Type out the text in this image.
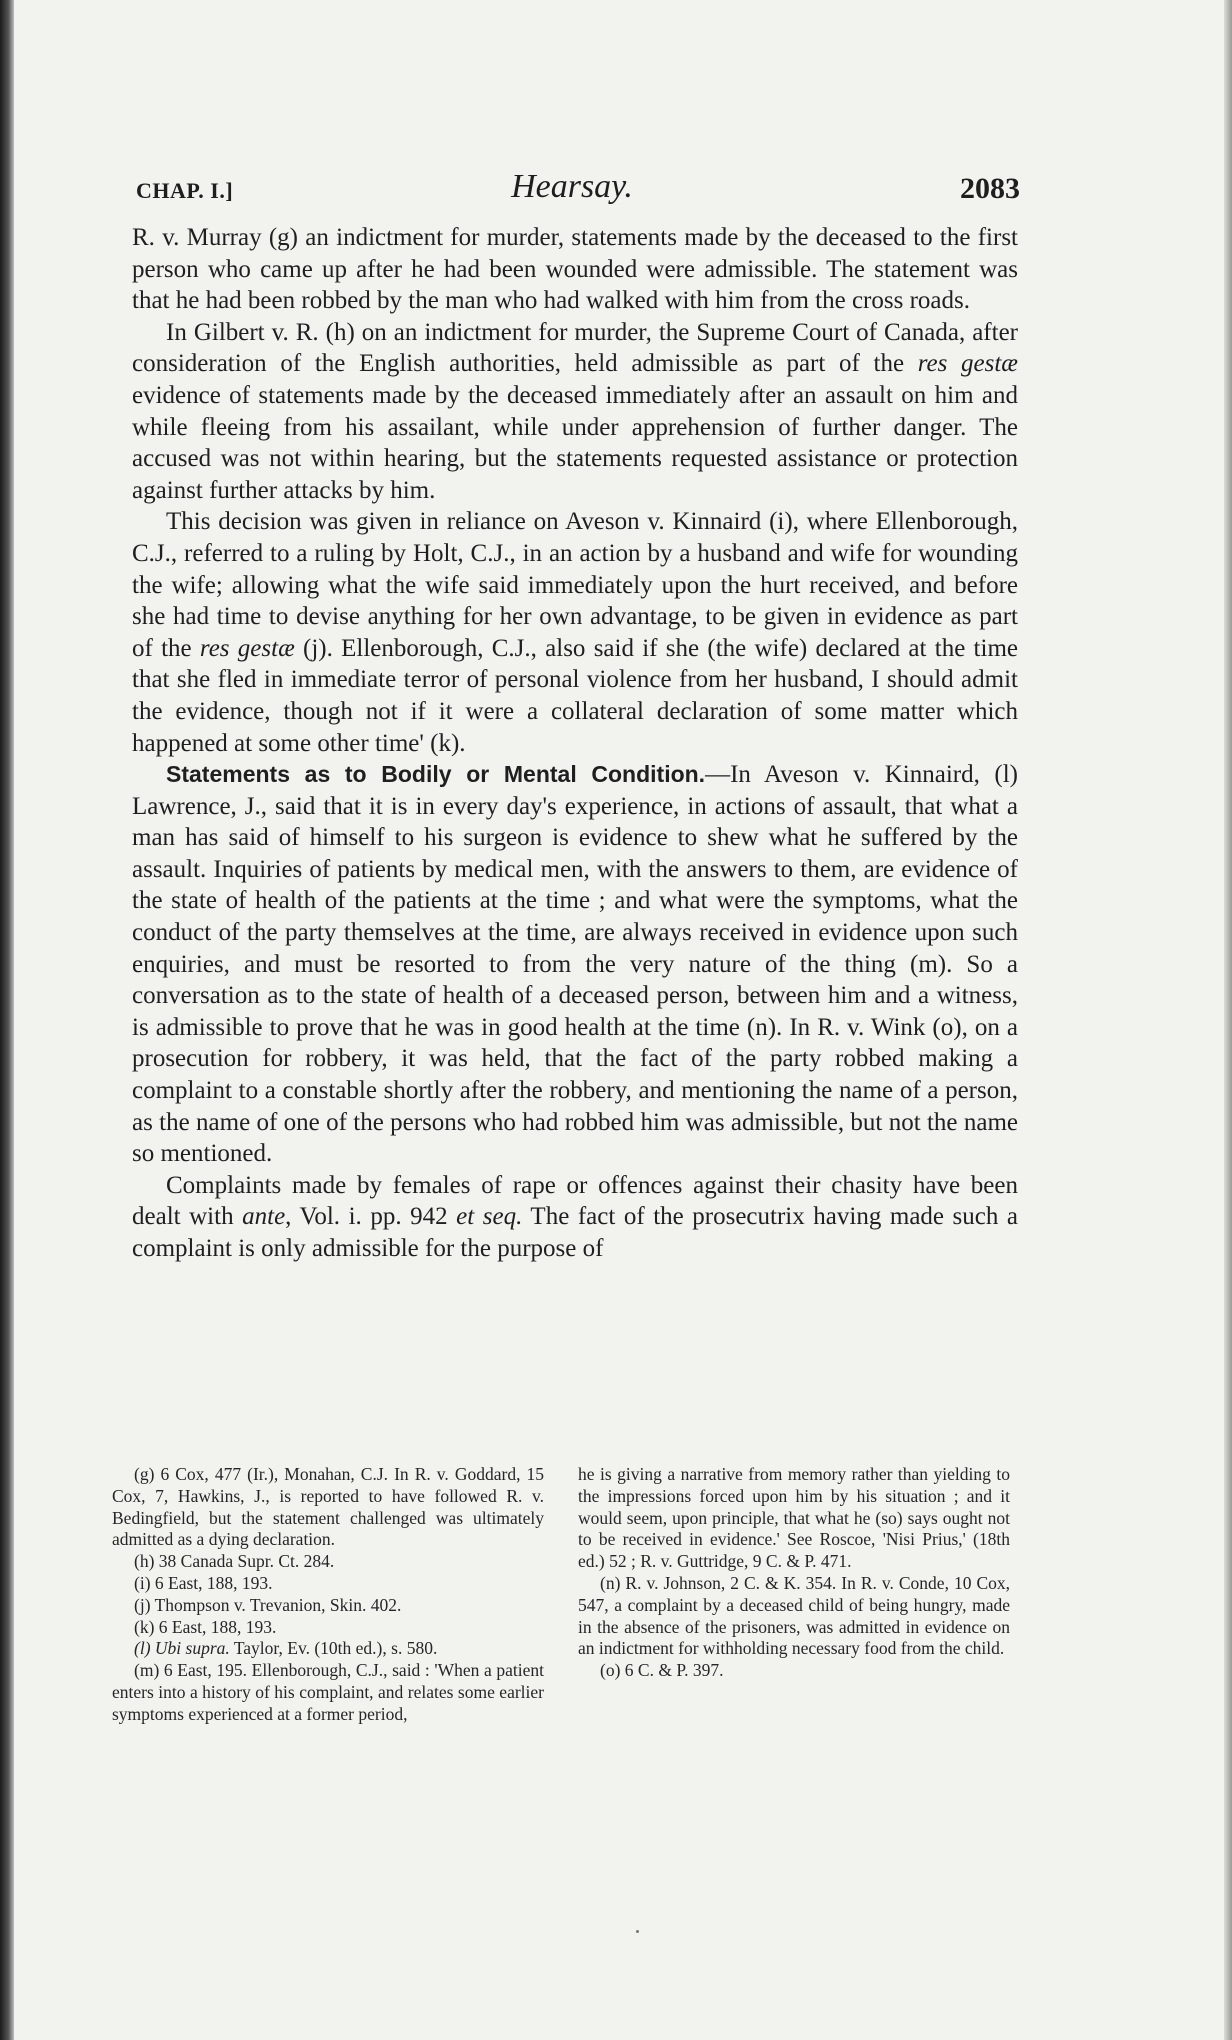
CHAP. I.]	Hearsay.	2083

R. v. Murray (g) an indictment for murder, statements made by the deceased to the first person who came up after he had been wounded were admissible. The statement was that he had been robbed by the man who had walked with him from the cross roads.

In Gilbert v. R. (h) on an indictment for murder, the Supreme Court of Canada, after consideration of the English authorities, held admissible as part of the res gestæ evidence of statements made by the deceased immediately after an assault on him and while fleeing from his assailant, while under apprehension of further danger. The accused was not within hearing, but the statements requested assistance or protection against further attacks by him.

This decision was given in reliance on Aveson v. Kinnaird (i), where Ellenborough, C.J., referred to a ruling by Holt, C.J., in an action by a husband and wife for wounding the wife; allowing what the wife said immediately upon the hurt received, and before she had time to devise anything for her own advantage, to be given in evidence as part of the res gestæ (j). Ellenborough, C.J., also said if she (the wife) declared at the time that she fled in immediate terror of personal violence from her husband, I should admit the evidence, though not if it were a collateral declaration of some matter which happened at some other time' (k).

Statements as to Bodily or Mental Condition.—In Aveson v. Kinnaird, (l) Lawrence, J., said that it is in every day's experience, in actions of assault, that what a man has said of himself to his surgeon is evidence to shew what he suffered by the assault. Inquiries of patients by medical men, with the answers to them, are evidence of the state of health of the patients at the time ; and what were the symptoms, what the conduct of the party themselves at the time, are always received in evidence upon such enquiries, and must be resorted to from the very nature of the thing (m). So a conversation as to the state of health of a deceased person, between him and a witness, is admissible to prove that he was in good health at the time (n). In R. v. Wink (o), on a prosecution for robbery, it was held, that the fact of the party robbed making a complaint to a constable shortly after the robbery, and mentioning the name of a person, as the name of one of the persons who had robbed him was admissible, but not the name so mentioned.

Complaints made by females of rape or offences against their chasity have been dealt with ante, Vol. i. pp. 942 et seq. The fact of the prosecutrix having made such a complaint is only admissible for the purpose of

(g) 6 Cox, 477 (Ir.), Monahan, C.J. In R. v. Goddard, 15 Cox, 7, Hawkins, J., is reported to have followed R. v. Bedingfield, but the statement challenged was ultimately admitted as a dying declaration.

(h) 38 Canada Supr. Ct. 284.

(i) 6 East, 188, 193.

(j) Thompson v. Trevanion, Skin. 402.

(k) 6 East, 188, 193.

(l) Ubi supra. Taylor, Ev. (10th ed.), s. 580.

(m) 6 East, 195. Ellenborough, C.J., said : 'When a patient enters into a history of his complaint, and relates some earlier symptoms experienced at a former period,

he is giving a narrative from memory rather than yielding to the impressions forced upon him by his situation ; and it would seem, upon principle, that what he (so) says ought not to be received in evidence.' See Roscoe, 'Nisi Prius,' (18th ed.) 52 ; R. v. Guttridge, 9 C. & P. 471.

(n) R. v. Johnson, 2 C. & K. 354. In R. v. Conde, 10 Cox, 547, a complaint by a deceased child of being hungry, made in the absence of the prisoners, was admitted in evidence on an indictment for withholding necessary food from the child.

(o) 6 C. & P. 397.
